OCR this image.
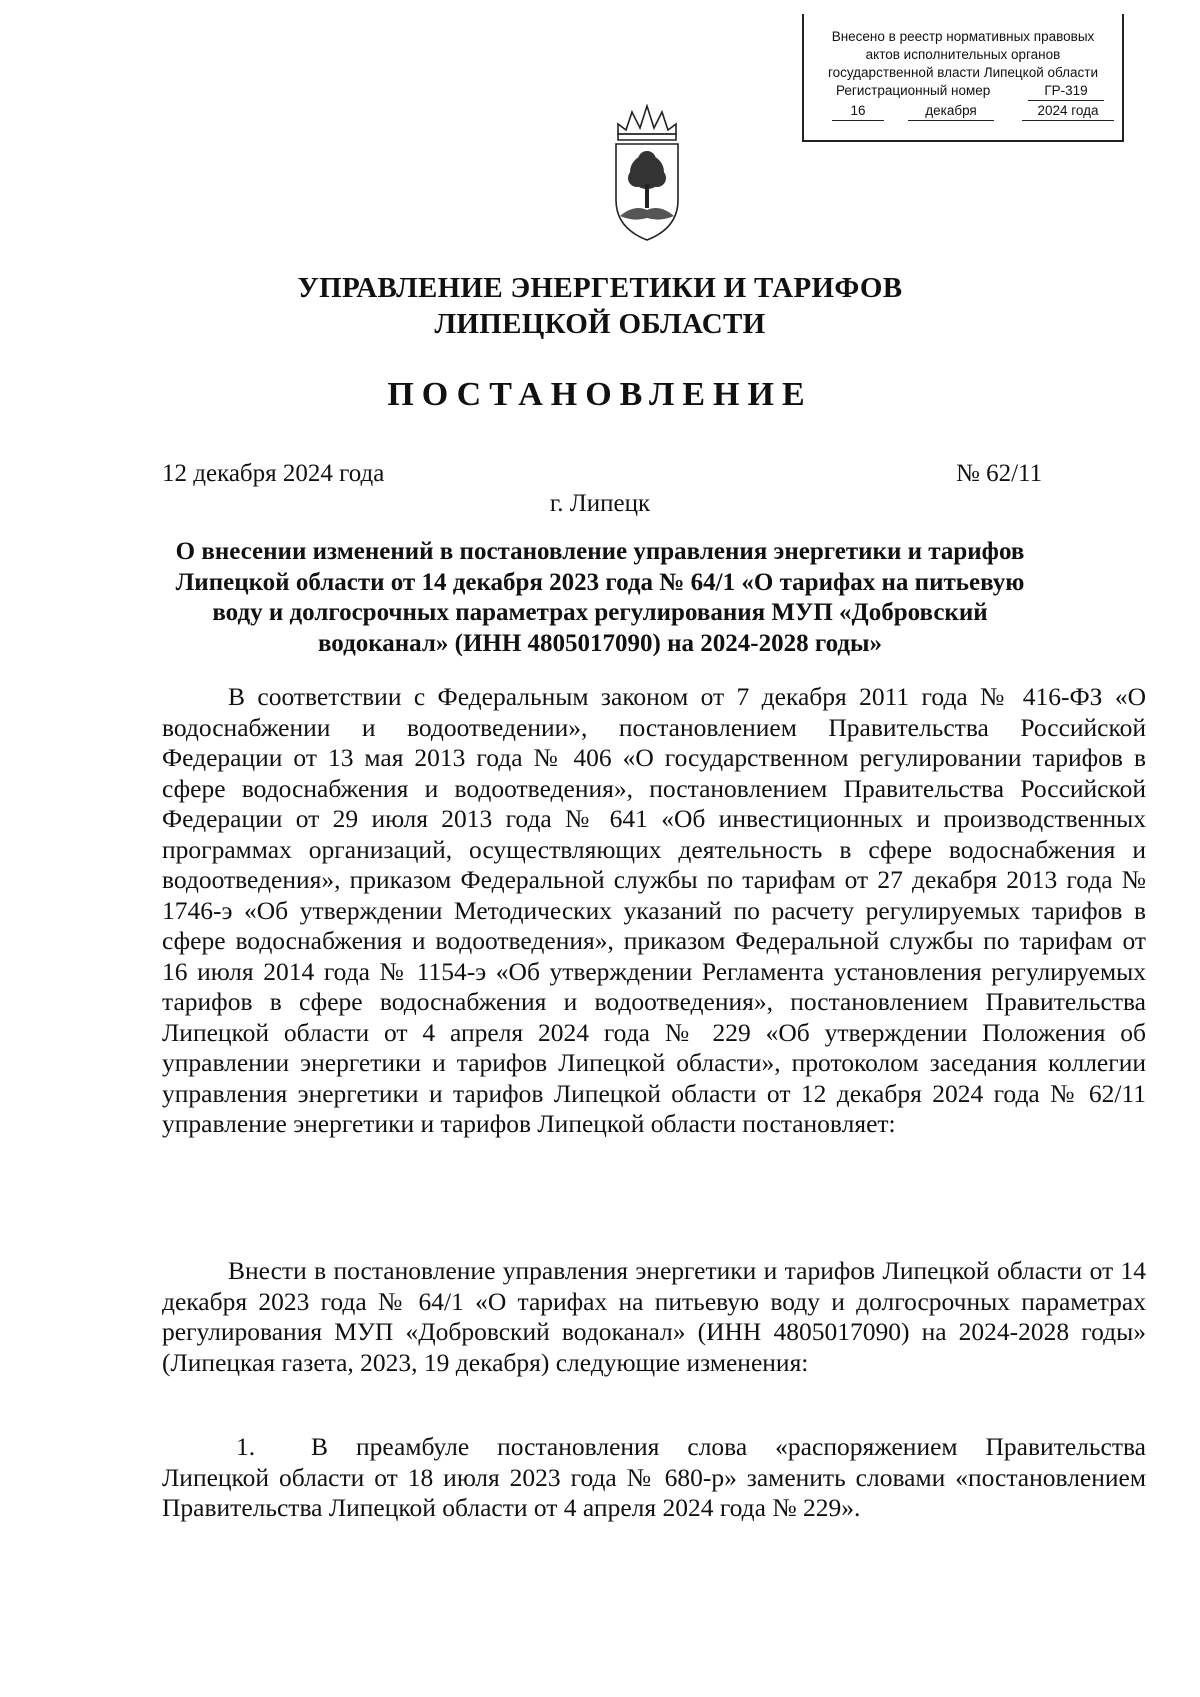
Внесено в реестр нормативных правовых
актов исполнительных органов
государственной власти Липецкой области
Регистрационный номер	ГР-319
16	декабря	2024 года
УПРАВЛЕНИЕ ЭНЕРГЕТИКИ И ТАРИФОВ
ЛИПЕЦКОЙ ОБЛАСТИ
ПОСТАНОВЛЕНИЕ
12 декабря 2024 года	№ 62/11
г. Липецк
О внесении изменений в постановление управления энергетики и тарифов Липецкой области от 14 декабря 2023 года № 64/1 «О тарифах на питьевую воду и долгосрочных параметрах регулирования МУП «Добровский водоканал» (ИНН 4805017090) на 2024-2028 годы»

В соответствии с Федеральным законом от 7 декабря 2011 года № 416-ФЗ «О водоснабжении и водоотведении», постановлением Правительства Российской Федерации от 13 мая 2013 года № 406 «О государственном регулировании тарифов в сфере водоснабжения и водоотведения», постановлением Правительства Российской Федерации от 29 июля 2013 года № 641 «Об инвестиционных и производственных программах организаций, осуществляющих деятельность в сфере водоснабжения и водоотведения», приказом Федеральной службы по тарифам от 27 декабря 2013 года № 1746-э «Об утверждении Методических указаний по расчету регулируемых тарифов в сфере водоснабжения и водоотведения», приказом Федеральной службы по тарифам от 16 июля 2014 года № 1154-э «Об утверждении Регламента установления регулируемых тарифов в сфере водоснабжения и водоотведения», постановлением Правительства Липецкой области от 4 апреля 2024 года № 229 «Об утверждении Положения об управлении энергетики и тарифов Липецкой области», протоколом заседания коллегии управления энергетики и тарифов Липецкой области от 12 декабря 2024 года № 62/11 управление энергетики и тарифов Липецкой области постановляет:

Внести в постановление управления энергетики и тарифов Липецкой области от 14 декабря 2023 года № 64/1 «О тарифах на питьевую воду и долгосрочных параметрах регулирования МУП «Добровский водоканал» (ИНН 4805017090) на 2024-2028 годы» (Липецкая газета, 2023, 19 декабря) следующие изменения:

1. В преамбуле постановления слова «распоряжением Правительства Липецкой области от 18 июля 2023 года № 680-р» заменить словами «постановлением Правительства Липецкой области от 4 апреля 2024 года № 229».
